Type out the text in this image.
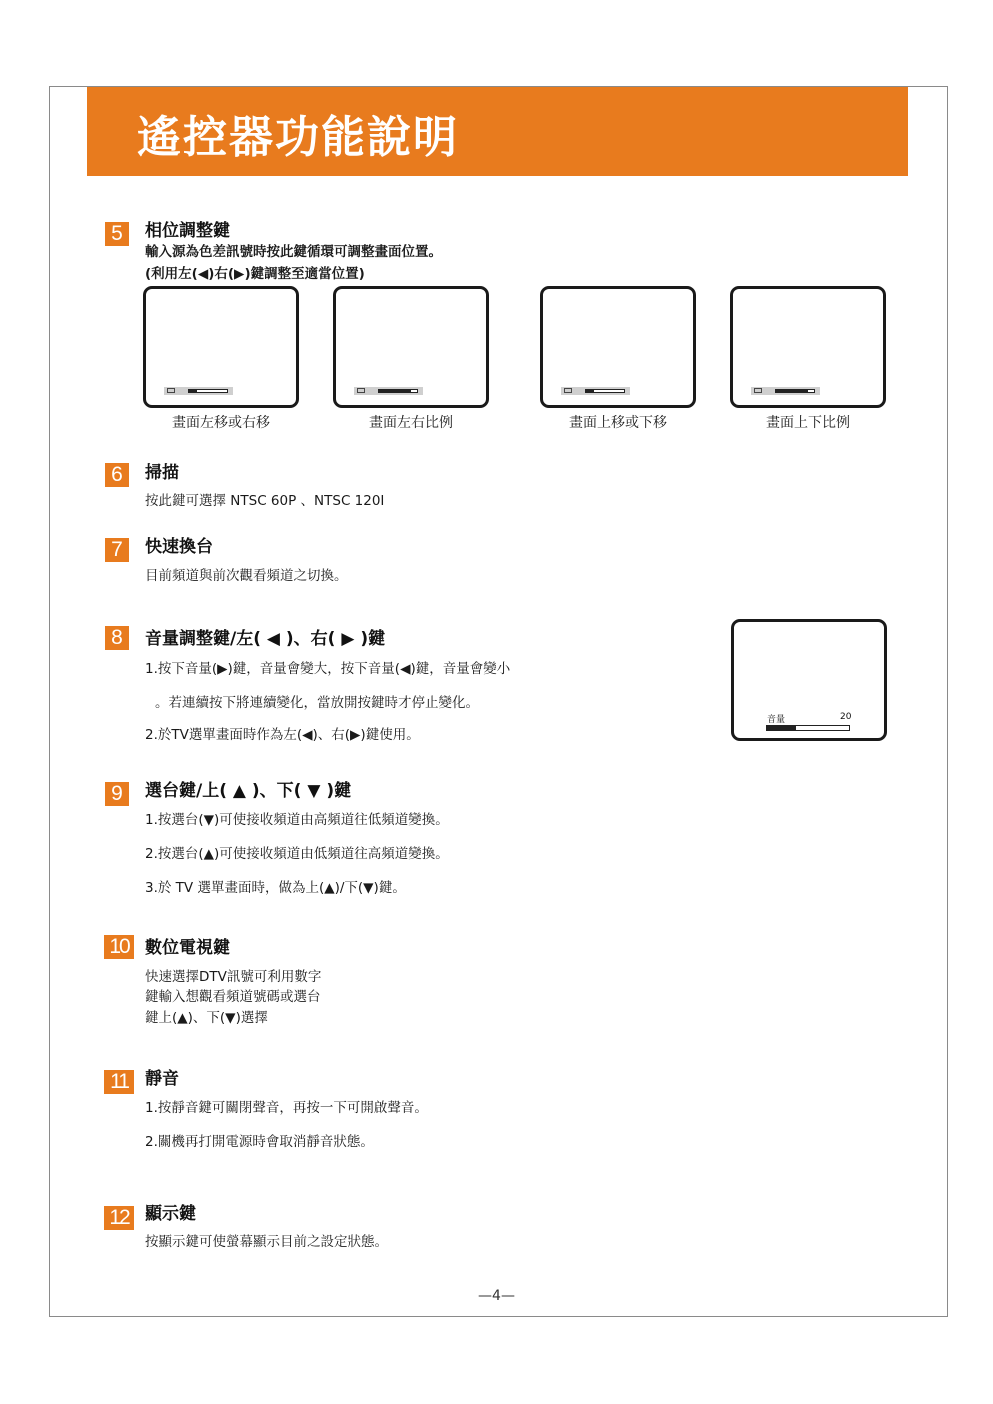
遙控器功能說明
5	相位調整鍵
輸入源為色差訊號時按此鍵循環可調整畫面位置。
(利用左(◀)右(▶)鍵調整至適當位置)
畫面左移或右移	畫面左右比例	畫面上移或下移	畫面上下比例
6	掃描
按此鍵可選擇 NTSC 60P 、NTSC 120I
7	快速換台
目前頻道與前次觀看頻道之切換。
8	音量調整鍵/左( ◀ )、右( ▶ )鍵
1.按下音量(▶)鍵，音量會變大，按下音量(◀)鍵，音量會變小
。若連續按下將連續變化，當放開按鍵時才停止變化。
2.於TV選單畫面時作為左(◀)、右(▶)鍵使用。
音量	20
9	選台鍵/上( ▲ )、下( ▼ )鍵
1.按選台(▼)可使接收頻道由高頻道往低頻道變換。
2.按選台(▲)可使接收頻道由低頻道往高頻道變換。
3.於 TV 選單畫面時，做為上(▲)/下(▼)鍵。
10 數位電視鍵
快速選擇DTV訊號可利用數字
鍵輸入想觀看頻道號碼或選台
鍵上(▲)、下(▼)選擇
11	靜音
1.按靜音鍵可關閉聲音，再按一下可開啟聲音。
2.關機再打開電源時會取消靜音狀態。
12 顯示鍵
按顯示鍵可使螢幕顯示目前之設定狀態。
—4—
